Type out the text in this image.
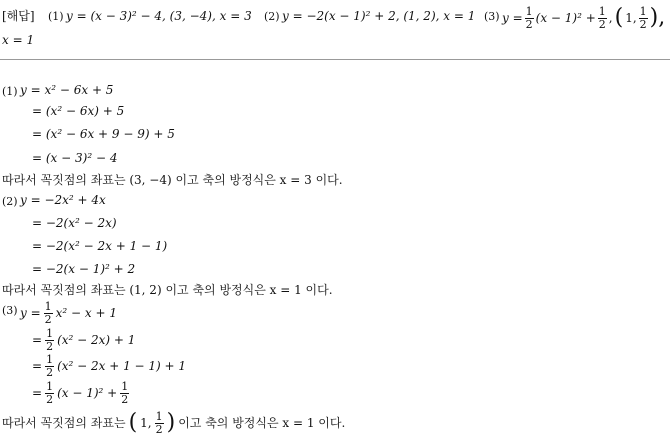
[해답] (1) y = (x − 3)² − 4, (3, −4), x = 3 (2) y = −2(x − 1)² + 2, (1, 2), x = 1 (3) $y = \frac{1}{2} (x - 1)^2 + \frac{1}{2}$ , ( 1, $\frac{1}{2}$ ),
x = 1
(1) y = x² − 6x + 5
= (x² − 6x) + 5
= (x² − 6x + 9 − 9) + 5
= (x − 3)² − 4
따라서 꼭짓점의 좌표는 (3, −4) 이고 축의 방정식은 x = 3 이다.
(2) y = −2x² + 4x
= −2(x² − 2x)
= −2(x² − 2x + 1 − 1)
= −2(x − 1)² + 2
따라서 꼭짓점의 좌표는 (1, 2) 이고 축의 방정식은 x = 1 이다.
(3) $y = \frac{1}{2} x^2 - x + 1$
= $\frac{1}{2} (x^2 - 2x) + 1$
= $\frac{1}{2} (x^2 - 2x + 1 - 1) + 1$
= $\frac{1}{2} (x - 1)^2 + \frac{1}{2}$
따라서 꼭짓점의 좌표는 ( 1, $\frac{1}{2}$ ) 이고 축의 방정식은 x = 1 이다.
